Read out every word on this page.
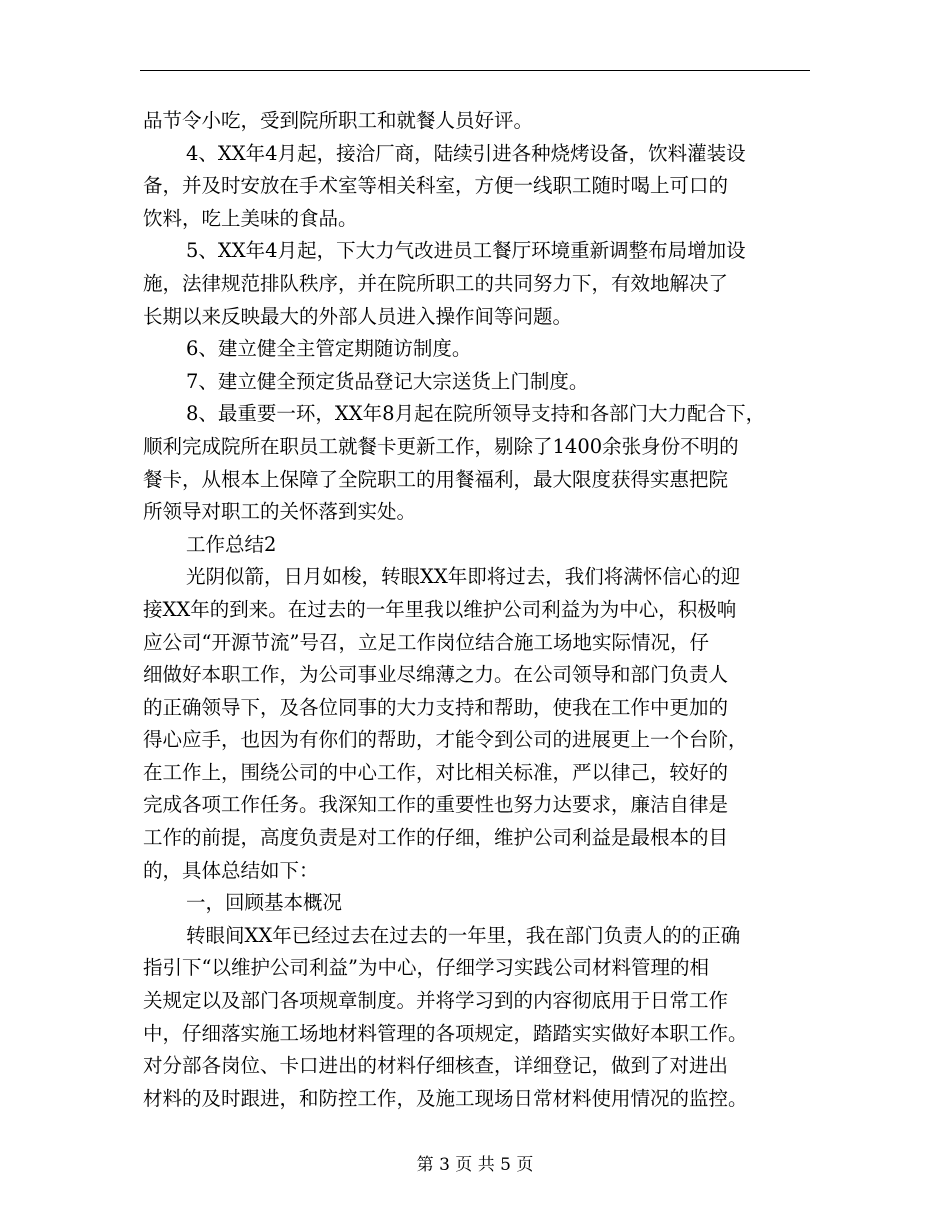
品节令小吃，受到院所职工和就餐人员好评。
4、XX年4月起，接洽厂商，陆续引进各种烧烤设备，饮料灌装设
备，并及时安放在手术室等相关科室，方便一线职工随时喝上可口的
饮料，吃上美味的食品。
5、XX年4月起，下大力气改进员工餐厅环境重新调整布局增加设
施，法律规范排队秩序，并在院所职工的共同努力下，有效地解决了
长期以来反映最大的外部人员进入操作间等问题。
6、建立健全主管定期随访制度。
7、建立健全预定货品登记大宗送货上门制度。
8、最重要一环，XX年8月起在院所领导支持和各部门大力配合下，
顺利完成院所在职员工就餐卡更新工作，剔除了1400余张身份不明的
餐卡，从根本上保障了全院职工的用餐福利，最大限度获得实惠把院
所领导对职工的关怀落到实处。
工作总结2
光阴似箭，日月如梭，转眼XX年即将过去，我们将满怀信心的迎
接XX年的到来。在过去的一年里我以维护公司利益为为中心，积极响
应公司“开源节流”号召，立足工作岗位结合施工场地实际情况，仔
细做好本职工作，为公司事业尽绵薄之力。在公司领导和部门负责人
的正确领导下，及各位同事的大力支持和帮助，使我在工作中更加的
得心应手，也因为有你们的帮助，才能令到公司的进展更上一个台阶，
在工作上，围绕公司的中心工作，对比相关标准，严以律己，较好的
完成各项工作任务。我深知工作的重要性也努力达要求，廉洁自律是
工作的前提，高度负责是对工作的仔细，维护公司利益是最根本的目
的，具体总结如下：
一，回顾基本概况
转眼间XX年已经过去在过去的一年里，我在部门负责人的的正确
指引下“以维护公司利益”为中心，仔细学习实践公司材料管理的相
关规定以及部门各项规章制度。并将学习到的内容彻底用于日常工作
中，仔细落实施工场地材料管理的各项规定，踏踏实实做好本职工作。
对分部各岗位、卡口进出的材料仔细核查，详细登记，做到了对进出
材料的及时跟进，和防控工作，及施工现场日常材料使用情况的监控。
第 3 页 共 5 页
